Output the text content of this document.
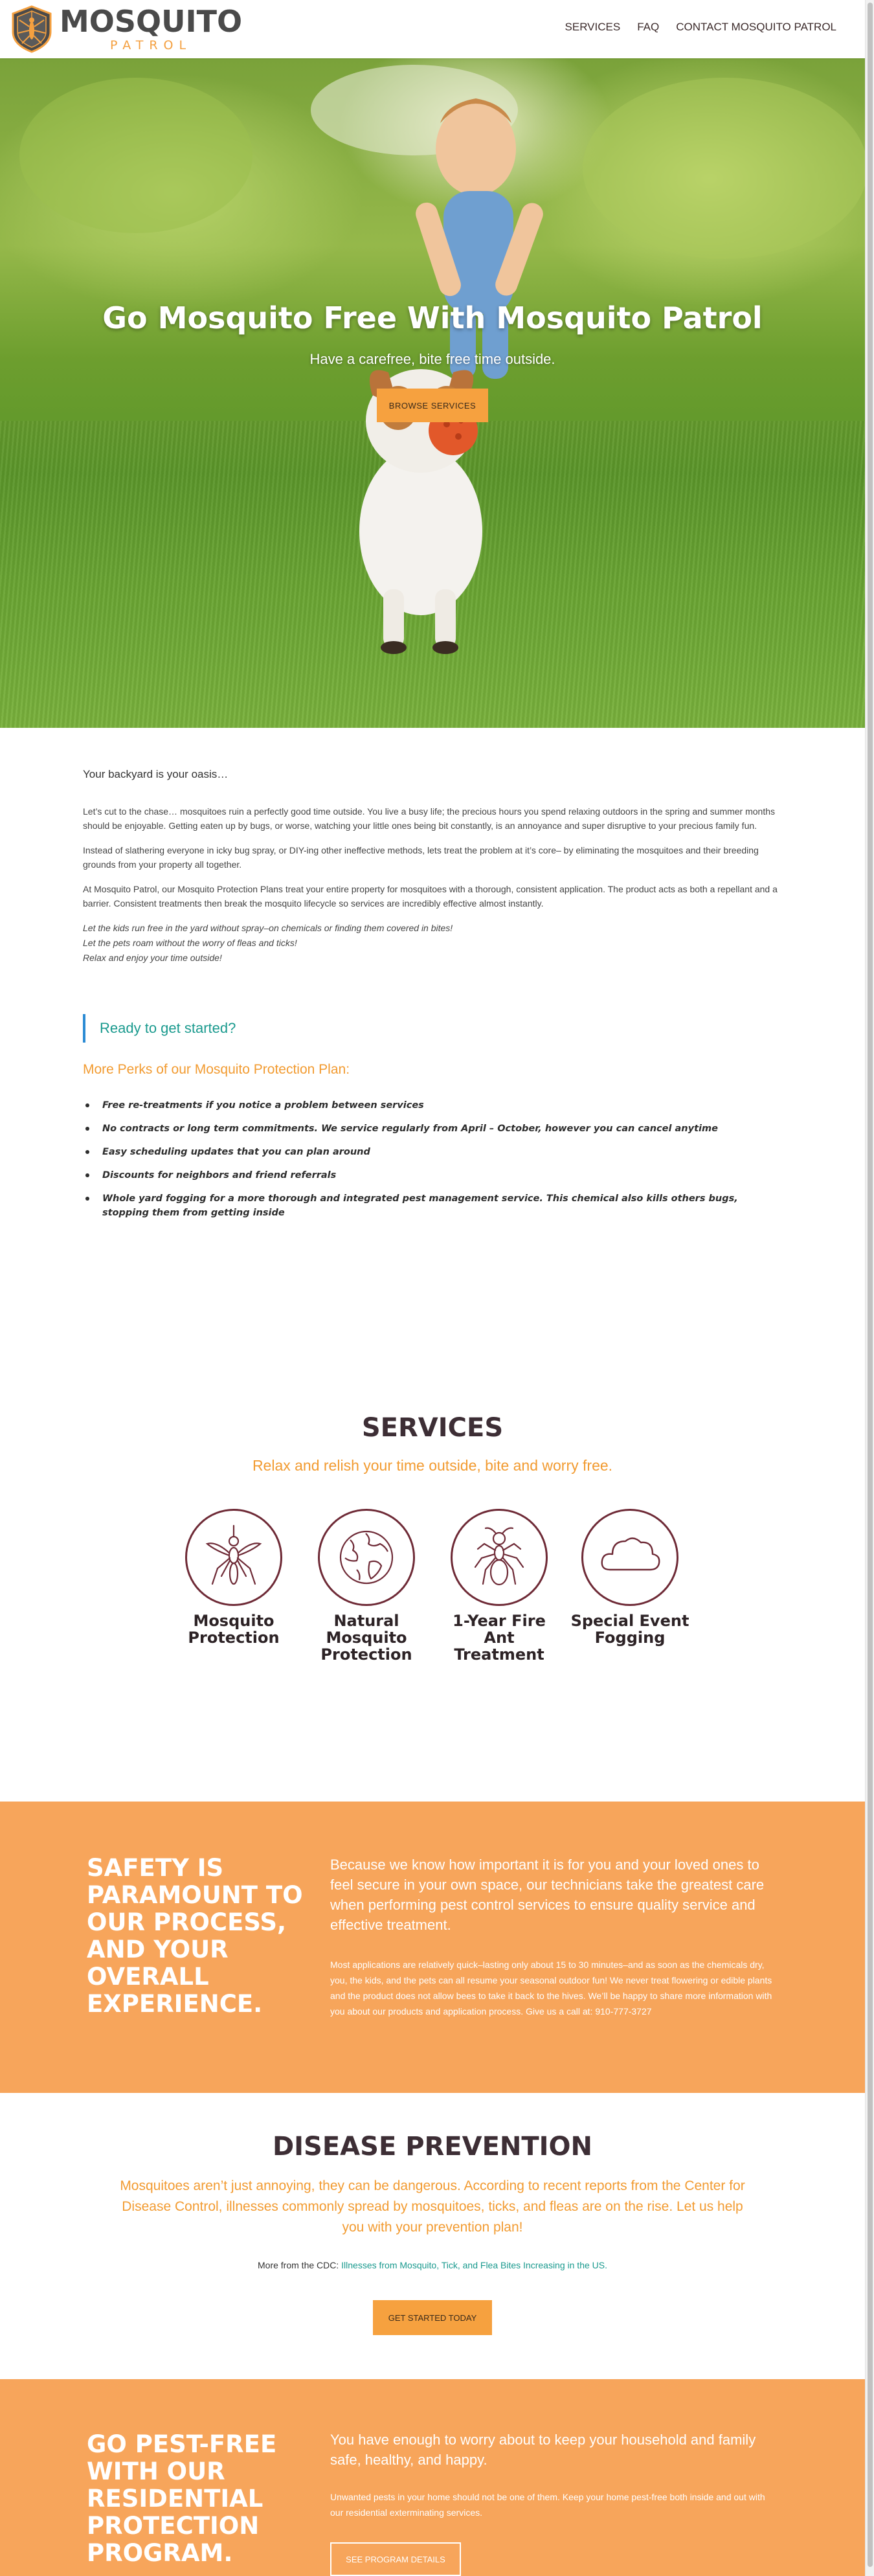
MOSQUITO
PATROL
SERVICES FAQ CONTACT MOSQUITO PATROL
Go Mosquito Free With Mosquito Patrol
Have a carefree, bite free time outside.
BROWSE SERVICES
Your backyard is your oasis…

Let’s cut to the chase… mosquitoes ruin a perfectly good time outside. You live a busy life; the precious hours you spend relaxing outdoors in the spring and summer months should be enjoyable. Getting eaten up by bugs, or worse, watching your little ones being bit constantly, is an annoyance and super disruptive to your precious family fun.

Instead of slathering everyone in icky bug spray, or DIY-ing other ineffective methods, lets treat the problem at it’s core– by eliminating the mosquitoes and their breeding grounds from your property all together.

At Mosquito Patrol, our Mosquito Protection Plans treat your entire property for mosquitoes with a thorough, consistent application. The product acts as both a repellant and a barrier. Consistent treatments then break the mosquito lifecycle so services are incredibly effective almost instantly.

Let the kids run free in the yard without spray–on chemicals or finding them covered in bites!

Let the pets roam without the worry of fleas and ticks!

Relax and enjoy your time outside!

Ready to get started?
More Perks of our Mosquito Protection Plan:
Free re-treatments if you notice a problem between services
No contracts or long term commitments. We service regularly from April – October, however you can cancel anytime
Easy scheduling updates that you can plan around
Discounts for neighbors and friend referrals
Whole yard fogging for a more thorough and integrated pest management service. This chemical also kills others bugs, stopping them from getting inside
SERVICES
Relax and relish your time outside, bite and worry free.
Mosquito Protection
Natural Mosquito Protection
1-Year Fire Ant Treatment
Special Event Fogging
SAFETY IS PARAMOUNT TO OUR PROCESS, AND YOUR OVERALL EXPERIENCE.
Because we know how important it is for you and your loved ones to feel secure in your own space, our technicians take the greatest care when performing pest control services to ensure quality service and effective treatment.
Most applications are relatively quick–lasting only about 15 to 30 minutes–and as soon as the chemicals dry, you, the kids, and the pets can all resume your seasonal outdoor fun! We never treat flowering or edible plants and the product does not allow bees to take it back to the hives. We’ll be happy to share more information with you about our products and application process. Give us a call at: 910-777-3727
DISEASE PREVENTION
Mosquitoes aren’t just annoying, they can be dangerous. According to recent reports from the Center for Disease Control, illnesses commonly spread by mosquitoes, ticks, and fleas are on the rise. Let us help you with your prevention plan!
More from the CDC: Illnesses from Mosquito, Tick, and Flea Bites Increasing in the US.
GET STARTED TODAY
GO PEST-FREE WITH OUR RESIDENTIAL PROTECTION PROGRAM.
You have enough to worry about to keep your household and family safe, healthy, and happy.
Unwanted pests in your home should not be one of them. Keep your home pest-free both inside and out with our residential exterminating services.
SEE PROGRAM DETAILS
